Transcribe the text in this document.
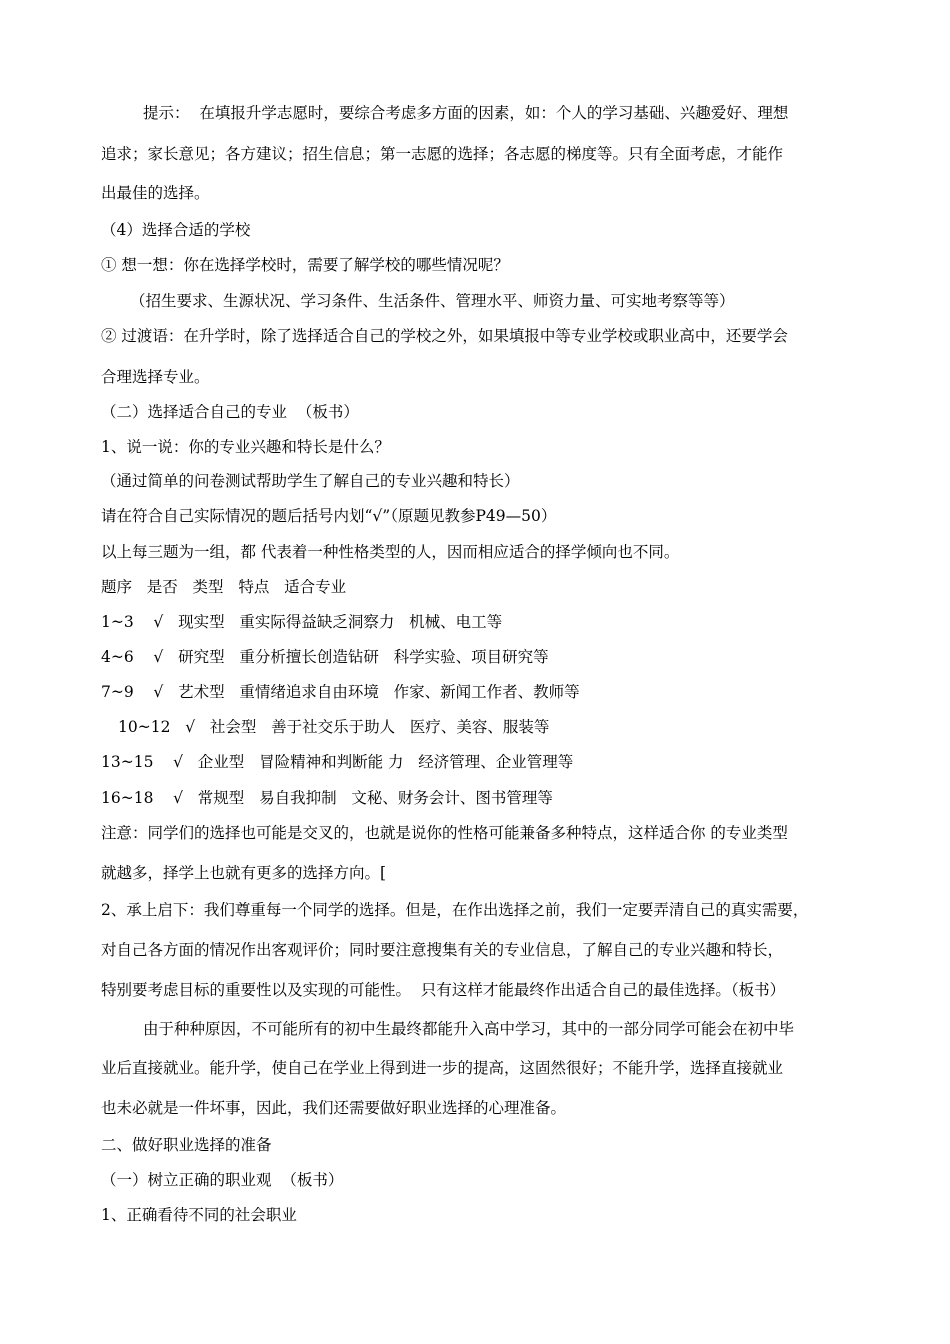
提示：  在填报升学志愿时，要综合考虑多方面的因素，如：个人的学习基础、兴趣爱好、理想
追求；家长意见；各方建议；招生信息；第一志愿的选择；各志愿的梯度等。只有全面考虑，才能作
出最佳的选择。
（4）选择合适的学校
① 想一想：你在选择学校时，需要了解学校的哪些情况呢？
（招生要求、生源状况、学习条件、生活条件、管理水平、师资力量、可实地考察等等）
② 过渡语：在升学时，除了选择适合自己的学校之外，如果填报中等专业学校或职业高中，还要学会
合理选择专业。
（二）选择适合自己的专业  （板书）
1、说一说：你的专业兴趣和特长是什么？
（通过简单的问卷测试帮助学生了解自己的专业兴趣和特长）
请在符合自己实际情况的题后括号内划“√”（原题见教参P49—50）
以上每三题为一组，都 代表着一种性格类型的人，因而相应适合的择学倾向也不同。
题序   是否   类型   特点   适合专业
1~3    √   现实型   重实际得益缺乏洞察力   机械、电工等
4~6    √   研究型   重分析擅长创造钻研   科学实验、项目研究等
7~9    √   艺术型   重情绪追求自由环境   作家、新闻工作者、教师等
10~12   √   社会型   善于社交乐于助人   医疗、美容、服装等
13~15    √   企业型   冒险精神和判断能 力   经济管理、企业管理等
16~18    √   常规型   易自我抑制   文秘、财务会计、图书管理等
注意：同学们的选择也可能是交叉的，也就是说你的性格可能兼备多种特点，这样适合你 的专业类型
就越多，择学上也就有更多的选择方向。[
2、承上启下：我们尊重每一个同学的选择。但是，在作出选择之前，我们一定要弄清自己的真实需要，
对自己各方面的情况作出客观评价；同时要注意搜集有关的专业信息，了解自己的专业兴趣和特长，
特别要考虑目标的重要性以及实现的可能性。  只有这样才能最终作出适合自己的最佳选择。（板书）
由于种种原因，不可能所有的初中生最终都能升入高中学习，其中的一部分同学可能会在初中毕
业后直接就业。能升学，使自己在学业上得到进一步的提高，这固然很好；不能升学，选择直接就业
也未必就是一件坏事，因此，我们还需要做好职业选择的心理准备。
二、做好职业选择的准备
（一）树立正确的职业观  （板书）
1、正确看待不同的社会职业
